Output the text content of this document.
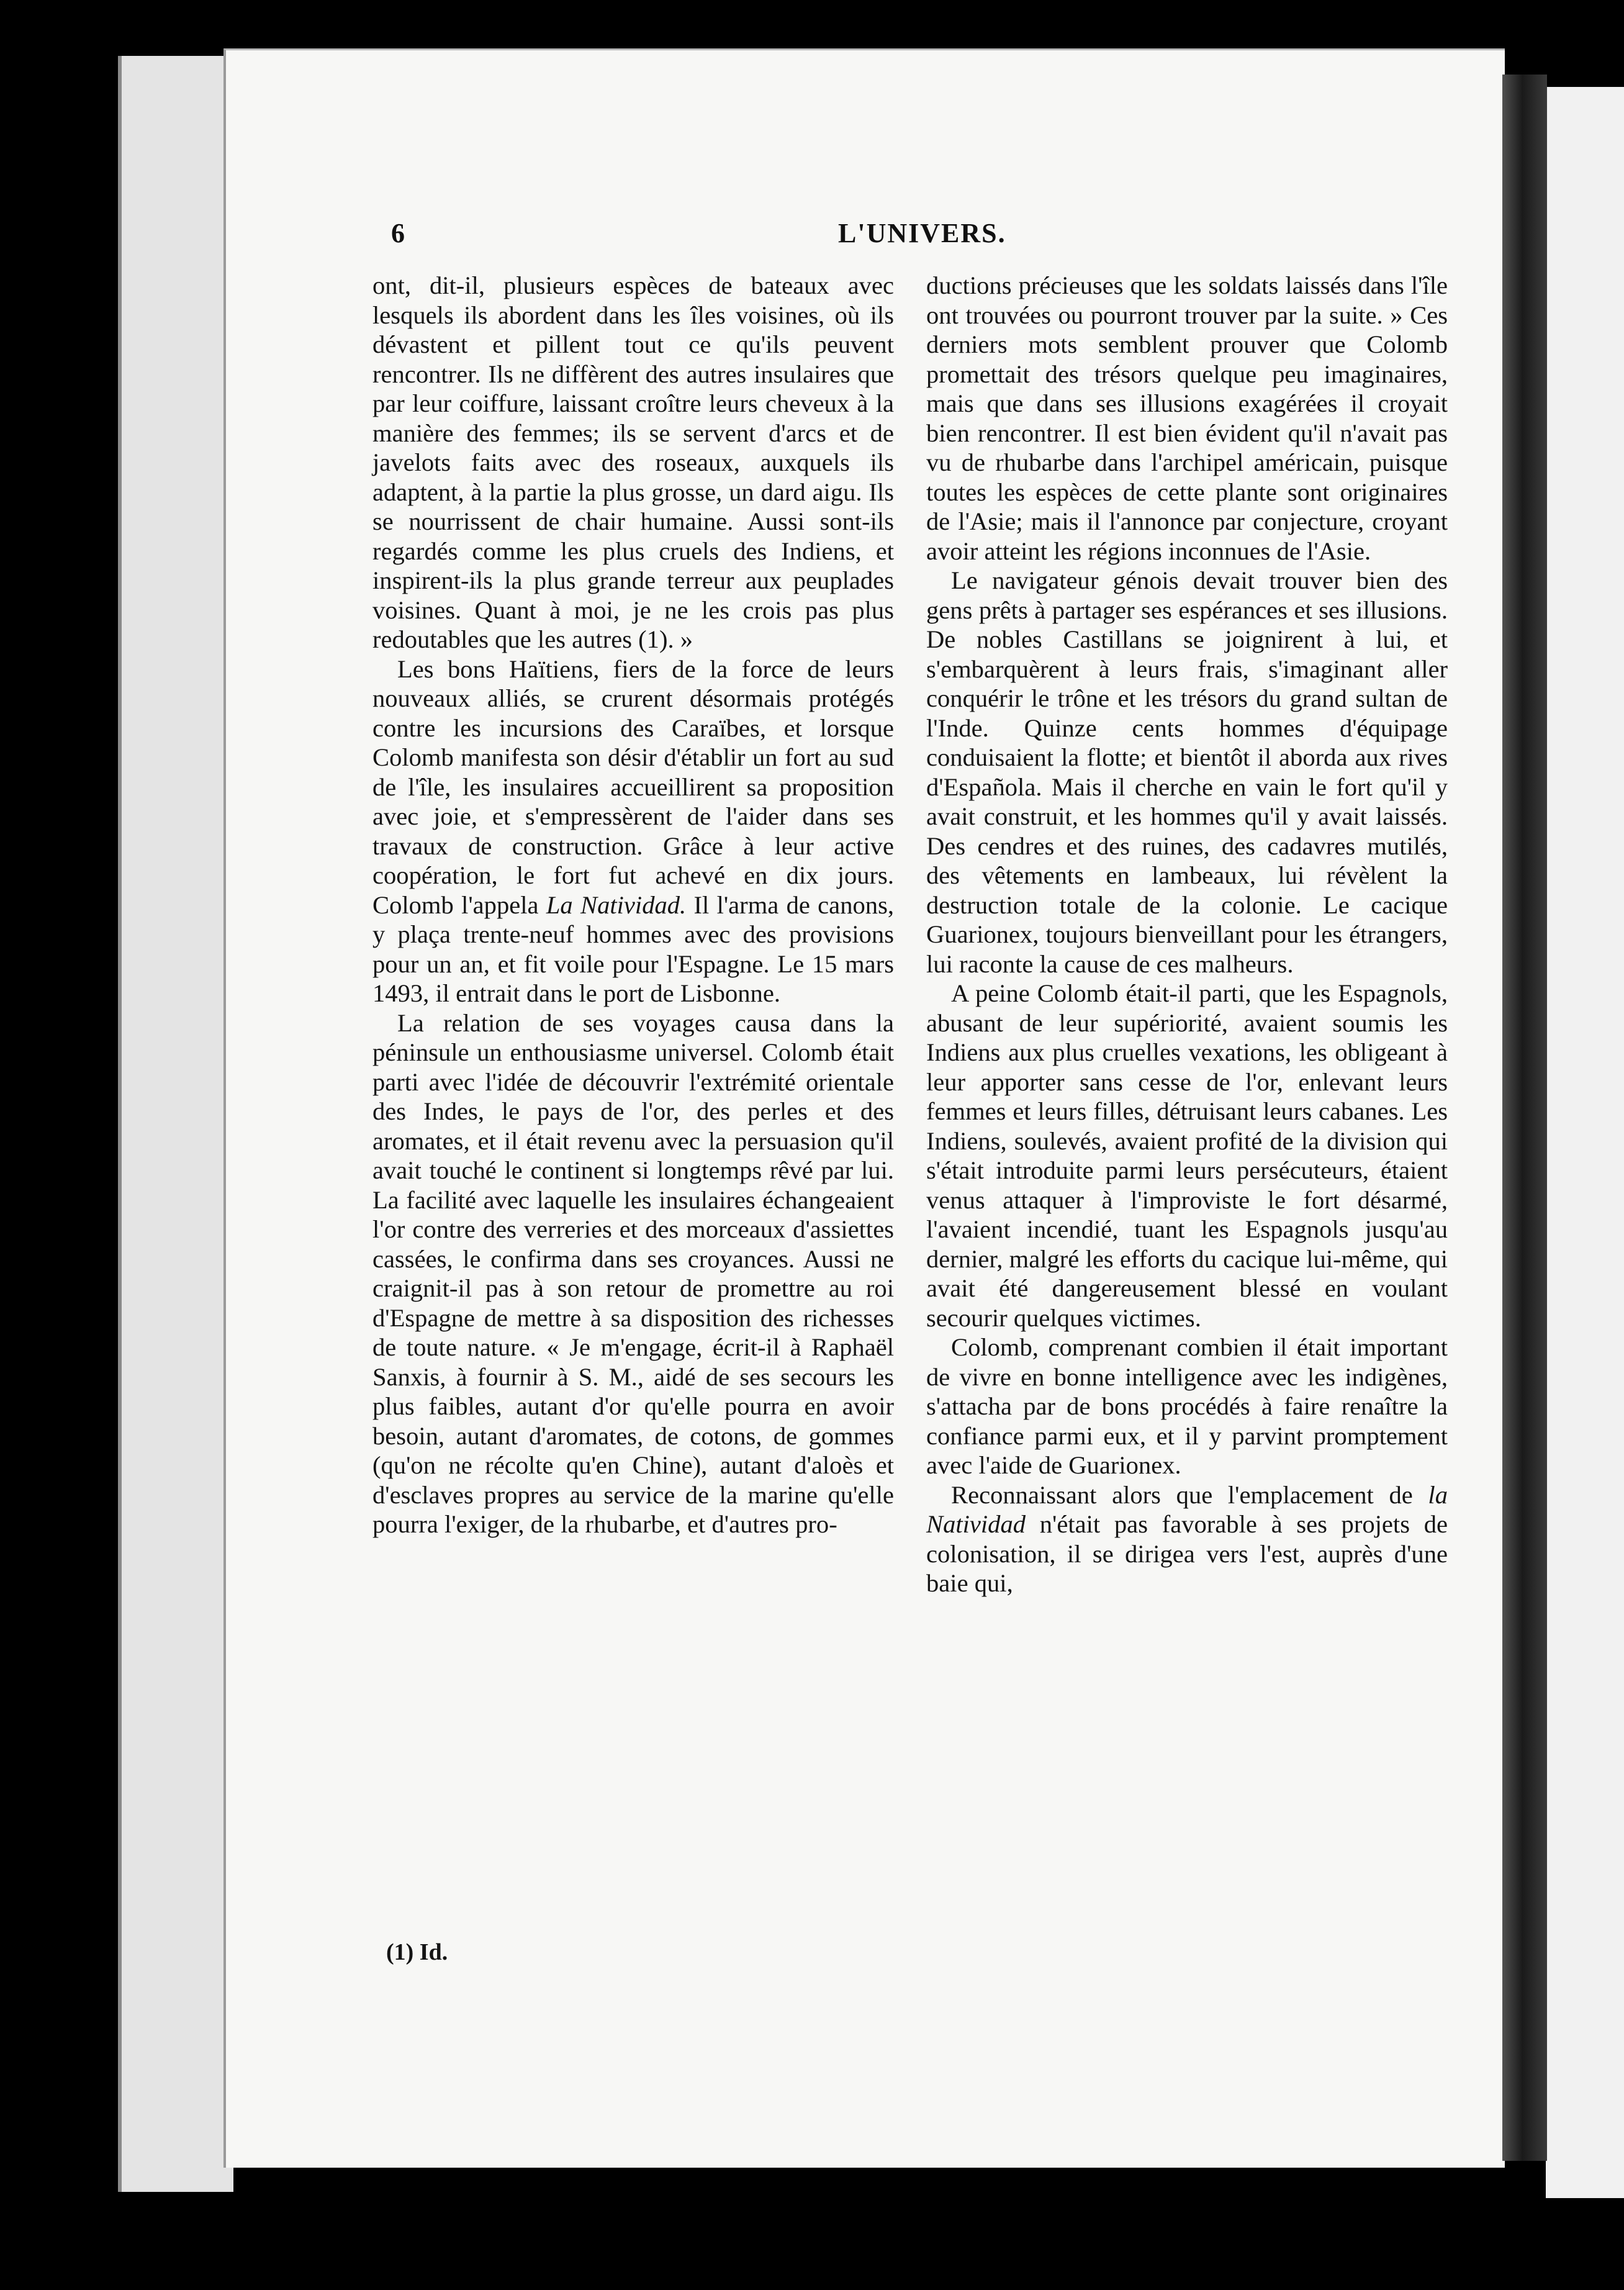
6	L'UNIVERS.

ont, dit-il, plusieurs espèces de bateaux avec lesquels ils abordent dans les îles voisines, où ils dévastent et pillent tout ce qu'ils peuvent rencontrer. Ils ne diffèrent des autres insulaires que par leur coiffure, laissant croître leurs cheveux à la manière des femmes; ils se servent d'arcs et de javelots faits avec des roseaux, auxquels ils adaptent, à la partie la plus grosse, un dard aigu. Ils se nourrissent de chair humaine. Aussi sont-ils regardés comme les plus cruels des Indiens, et inspirent-ils la plus grande terreur aux peuplades voisines. Quant à moi, je ne les crois pas plus redoutables que les autres (1). »

Les bons Haïtiens, fiers de la force de leurs nouveaux alliés, se crurent désormais protégés contre les incursions des Caraïbes, et lorsque Colomb manifesta son désir d'établir un fort au sud de l'île, les insulaires accueillirent sa proposition avec joie, et s'empressèrent de l'aider dans ses travaux de construction. Grâce à leur active coopération, le fort fut achevé en dix jours. Colomb l'appela La Natividad. Il l'arma de canons, y plaça trente-neuf hommes avec des provisions pour un an, et fit voile pour l'Espagne. Le 15 mars 1493, il entrait dans le port de Lisbonne.

La relation de ses voyages causa dans la péninsule un enthousiasme universel. Colomb était parti avec l'idée de découvrir l'extrémité orientale des Indes, le pays de l'or, des perles et des aromates, et il était revenu avec la persuasion qu'il avait touché le continent si longtemps rêvé par lui. La facilité avec laquelle les insulaires échangeaient l'or contre des verreries et des morceaux d'assiettes cassées, le confirma dans ses croyances. Aussi ne craignit-il pas à son retour de promettre au roi d'Espagne de mettre à sa disposition des richesses de toute nature. « Je m'engage, écrit-il à Raphaël Sanxis, à fournir à S. M., aidé de ses secours les plus faibles, autant d'or qu'elle pourra en avoir besoin, autant d'aromates, de cotons, de gommes (qu'on ne récolte qu'en Chine), autant d'aloès et d'esclaves propres au service de la marine qu'elle pourra l'exiger, de la rhubarbe, et d'autres pro-

(1) Id.

ductions précieuses que les soldats laissés dans l'île ont trouvées ou pourront trouver par la suite. » Ces derniers mots semblent prouver que Colomb promettait des trésors quelque peu imaginaires, mais que dans ses illusions exagérées il croyait bien rencontrer. Il est bien évident qu'il n'avait pas vu de rhubarbe dans l'archipel américain, puisque toutes les espèces de cette plante sont originaires de l'Asie; mais il l'annonce par conjecture, croyant avoir atteint les régions inconnues de l'Asie.

Le navigateur génois devait trouver bien des gens prêts à partager ses espérances et ses illusions. De nobles Castillans se joignirent à lui, et s'embarquèrent à leurs frais, s'imaginant aller conquérir le trône et les trésors du grand sultan de l'Inde. Quinze cents hommes d'équipage conduisaient la flotte; et bientôt il aborda aux rives d'Española. Mais il cherche en vain le fort qu'il y avait construit, et les hommes qu'il y avait laissés. Des cendres et des ruines, des cadavres mutilés, des vêtements en lambeaux, lui révèlent la destruction totale de la colonie. Le cacique Guarionex, toujours bienveillant pour les étrangers, lui raconte la cause de ces malheurs.

A peine Colomb était-il parti, que les Espagnols, abusant de leur supériorité, avaient soumis les Indiens aux plus cruelles vexations, les obligeant à leur apporter sans cesse de l'or, enlevant leurs femmes et leurs filles, détruisant leurs cabanes. Les Indiens, soulevés, avaient profité de la division qui s'était introduite parmi leurs persécuteurs, étaient venus attaquer à l'improviste le fort désarmé, l'avaient incendié, tuant les Espagnols jusqu'au dernier, malgré les efforts du cacique lui-même, qui avait été dangereusement blessé en voulant secourir quelques victimes.

Colomb, comprenant combien il était important de vivre en bonne intelligence avec les indigènes, s'attacha par de bons procédés à faire renaître la confiance parmi eux, et il y parvint promptement avec l'aide de Guarionex.

Reconnaissant alors que l'emplacement de la Natividad n'était pas favorable à ses projets de colonisation, il se dirigea vers l'est, auprès d'une baie qui,
